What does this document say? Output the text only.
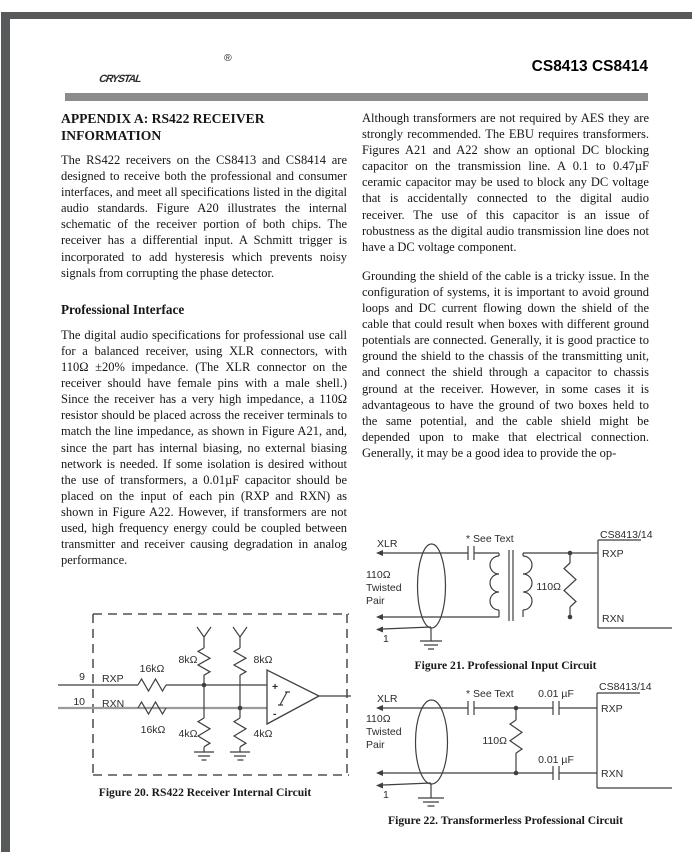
CRYSTAL
®	CS8413 CS8414
APPENDIX A: RS422 RECEIVER
INFORMATION

The RS422 receivers on the CS8413 and CS8414 are designed to receive both the professional and consumer interfaces, and meet all specifications listed in the digital audio standards. Figure A20 illustrates the internal schematic of the receiver portion of both chips. The receiver has a differential input. A Schmitt trigger is incorporated to add hysteresis which prevents noisy signals from corrupting the phase detector.

Professional Interface

The digital audio specifications for professional use call for a balanced receiver, using XLR connectors, with 110Ω ±20% impedance. (The XLR connector on the receiver should have female pins with a male shell.) Since the receiver has a very high impedance, a 110Ω resistor should be placed across the receiver terminals to match the line impedance, as shown in Figure A21, and, since the part has internal biasing, no external biasing network is needed. If some isolation is desired without the use of transformers, a 0.01µF capacitor should be placed on the input of each pin (RXP and RXN) as shown in Figure A22. However, if transformers are not used, high frequency energy could be coupled between transmitter and receiver causing degradation in analog performance.

Although transformers are not required by AES they are strongly recommended. The EBU requires transformers. Figures A21 and A22 show an optional DC blocking capacitor on the transmission line. A 0.1 to 0.47µF ceramic capacitor may be used to block any DC voltage that is accidentally connected to the digital audio receiver. The use of this capacitor is an issue of robustness as the digital audio transmission line does not have a DC voltage component.

Grounding the shield of the cable is a tricky issue. In the configuration of systems, it is important to avoid ground loops and DC current flowing down the shield of the cable that could result when boxes with different ground potentials are connected. Generally, it is good practice to ground the shield to the chassis of the transmitting unit, and connect the shield through a capacitor to chassis ground at the receiver. However, in some cases it is advantageous to have the ground of two boxes held to the same potential, and the cable shield might be depended upon to make that electrical connection. Generally, it may be a good idea to provide the op-

9 RXP
10 RXN
16kΩ
16kΩ
8kΩ	8kΩ
4kΩ	4kΩ
+
-
Figure 20. RS422 Receiver Internal Circuit
XLR
110Ω
Twisted
Pair
* See Text
110Ω
CS8413/14
RXP
RXN
1
Figure 21. Professional Input Circuit
XLR
110Ω
Twisted
Pair
* See Text 0.01 µF
0.01 µF
110Ω
CS8413/14
RXP
RXN
1
Figure 22. Transformerless Professional Circuit
